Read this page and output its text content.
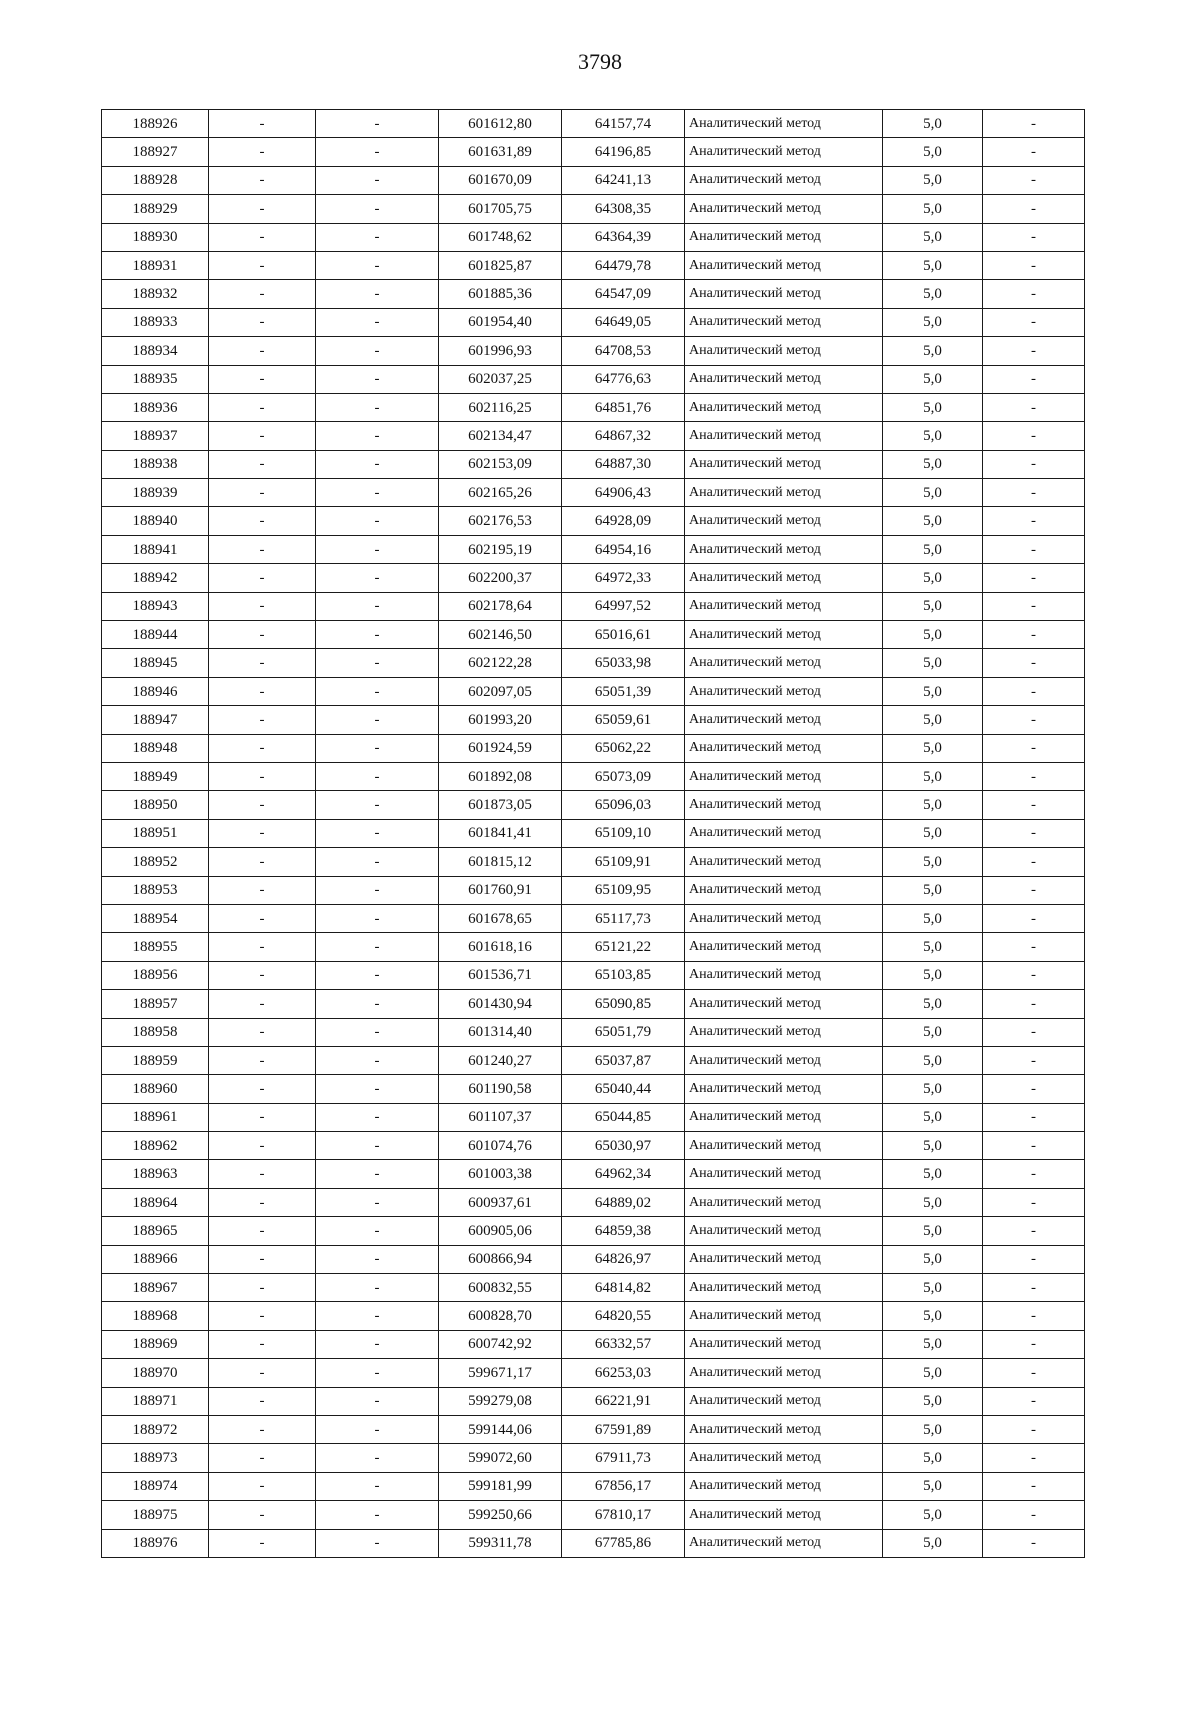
3798
188926	-	-	601612,80	64157,74	Аналитический метод	5,0	-
188927	-	-	601631,89	64196,85	Аналитический метод	5,0	-
188928	-	-	601670,09	64241,13	Аналитический метод	5,0	-
188929	-	-	601705,75	64308,35	Аналитический метод	5,0	-
188930	-	-	601748,62	64364,39	Аналитический метод	5,0	-
188931	-	-	601825,87	64479,78	Аналитический метод	5,0	-
188932	-	-	601885,36	64547,09	Аналитический метод	5,0	-
188933	-	-	601954,40	64649,05	Аналитический метод	5,0	-
188934	-	-	601996,93	64708,53	Аналитический метод	5,0	-
188935	-	-	602037,25	64776,63	Аналитический метод	5,0	-
188936	-	-	602116,25	64851,76	Аналитический метод	5,0	-
188937	-	-	602134,47	64867,32	Аналитический метод	5,0	-
188938	-	-	602153,09	64887,30	Аналитический метод	5,0	-
188939	-	-	602165,26	64906,43	Аналитический метод	5,0	-
188940	-	-	602176,53	64928,09	Аналитический метод	5,0	-
188941	-	-	602195,19	64954,16	Аналитический метод	5,0	-
188942	-	-	602200,37	64972,33	Аналитический метод	5,0	-
188943	-	-	602178,64	64997,52	Аналитический метод	5,0	-
188944	-	-	602146,50	65016,61	Аналитический метод	5,0	-
188945	-	-	602122,28	65033,98	Аналитический метод	5,0	-
188946	-	-	602097,05	65051,39	Аналитический метод	5,0	-
188947	-	-	601993,20	65059,61	Аналитический метод	5,0	-
188948	-	-	601924,59	65062,22	Аналитический метод	5,0	-
188949	-	-	601892,08	65073,09	Аналитический метод	5,0	-
188950	-	-	601873,05	65096,03	Аналитический метод	5,0	-
188951	-	-	601841,41	65109,10	Аналитический метод	5,0	-
188952	-	-	601815,12	65109,91	Аналитический метод	5,0	-
188953	-	-	601760,91	65109,95	Аналитический метод	5,0	-
188954	-	-	601678,65	65117,73	Аналитический метод	5,0	-
188955	-	-	601618,16	65121,22	Аналитический метод	5,0	-
188956	-	-	601536,71	65103,85	Аналитический метод	5,0	-
188957	-	-	601430,94	65090,85	Аналитический метод	5,0	-
188958	-	-	601314,40	65051,79	Аналитический метод	5,0	-
188959	-	-	601240,27	65037,87	Аналитический метод	5,0	-
188960	-	-	601190,58	65040,44	Аналитический метод	5,0	-
188961	-	-	601107,37	65044,85	Аналитический метод	5,0	-
188962	-	-	601074,76	65030,97	Аналитический метод	5,0	-
188963	-	-	601003,38	64962,34	Аналитический метод	5,0	-
188964	-	-	600937,61	64889,02	Аналитический метод	5,0	-
188965	-	-	600905,06	64859,38	Аналитический метод	5,0	-
188966	-	-	600866,94	64826,97	Аналитический метод	5,0	-
188967	-	-	600832,55	64814,82	Аналитический метод	5,0	-
188968	-	-	600828,70	64820,55	Аналитический метод	5,0	-
188969	-	-	600742,92	66332,57	Аналитический метод	5,0	-
188970	-	-	599671,17	66253,03	Аналитический метод	5,0	-
188971	-	-	599279,08	66221,91	Аналитический метод	5,0	-
188972	-	-	599144,06	67591,89	Аналитический метод	5,0	-
188973	-	-	599072,60	67911,73	Аналитический метод	5,0	-
188974	-	-	599181,99	67856,17	Аналитический метод	5,0	-
188975	-	-	599250,66	67810,17	Аналитический метод	5,0	-
188976	-	-	599311,78	67785,86	Аналитический метод	5,0	-
